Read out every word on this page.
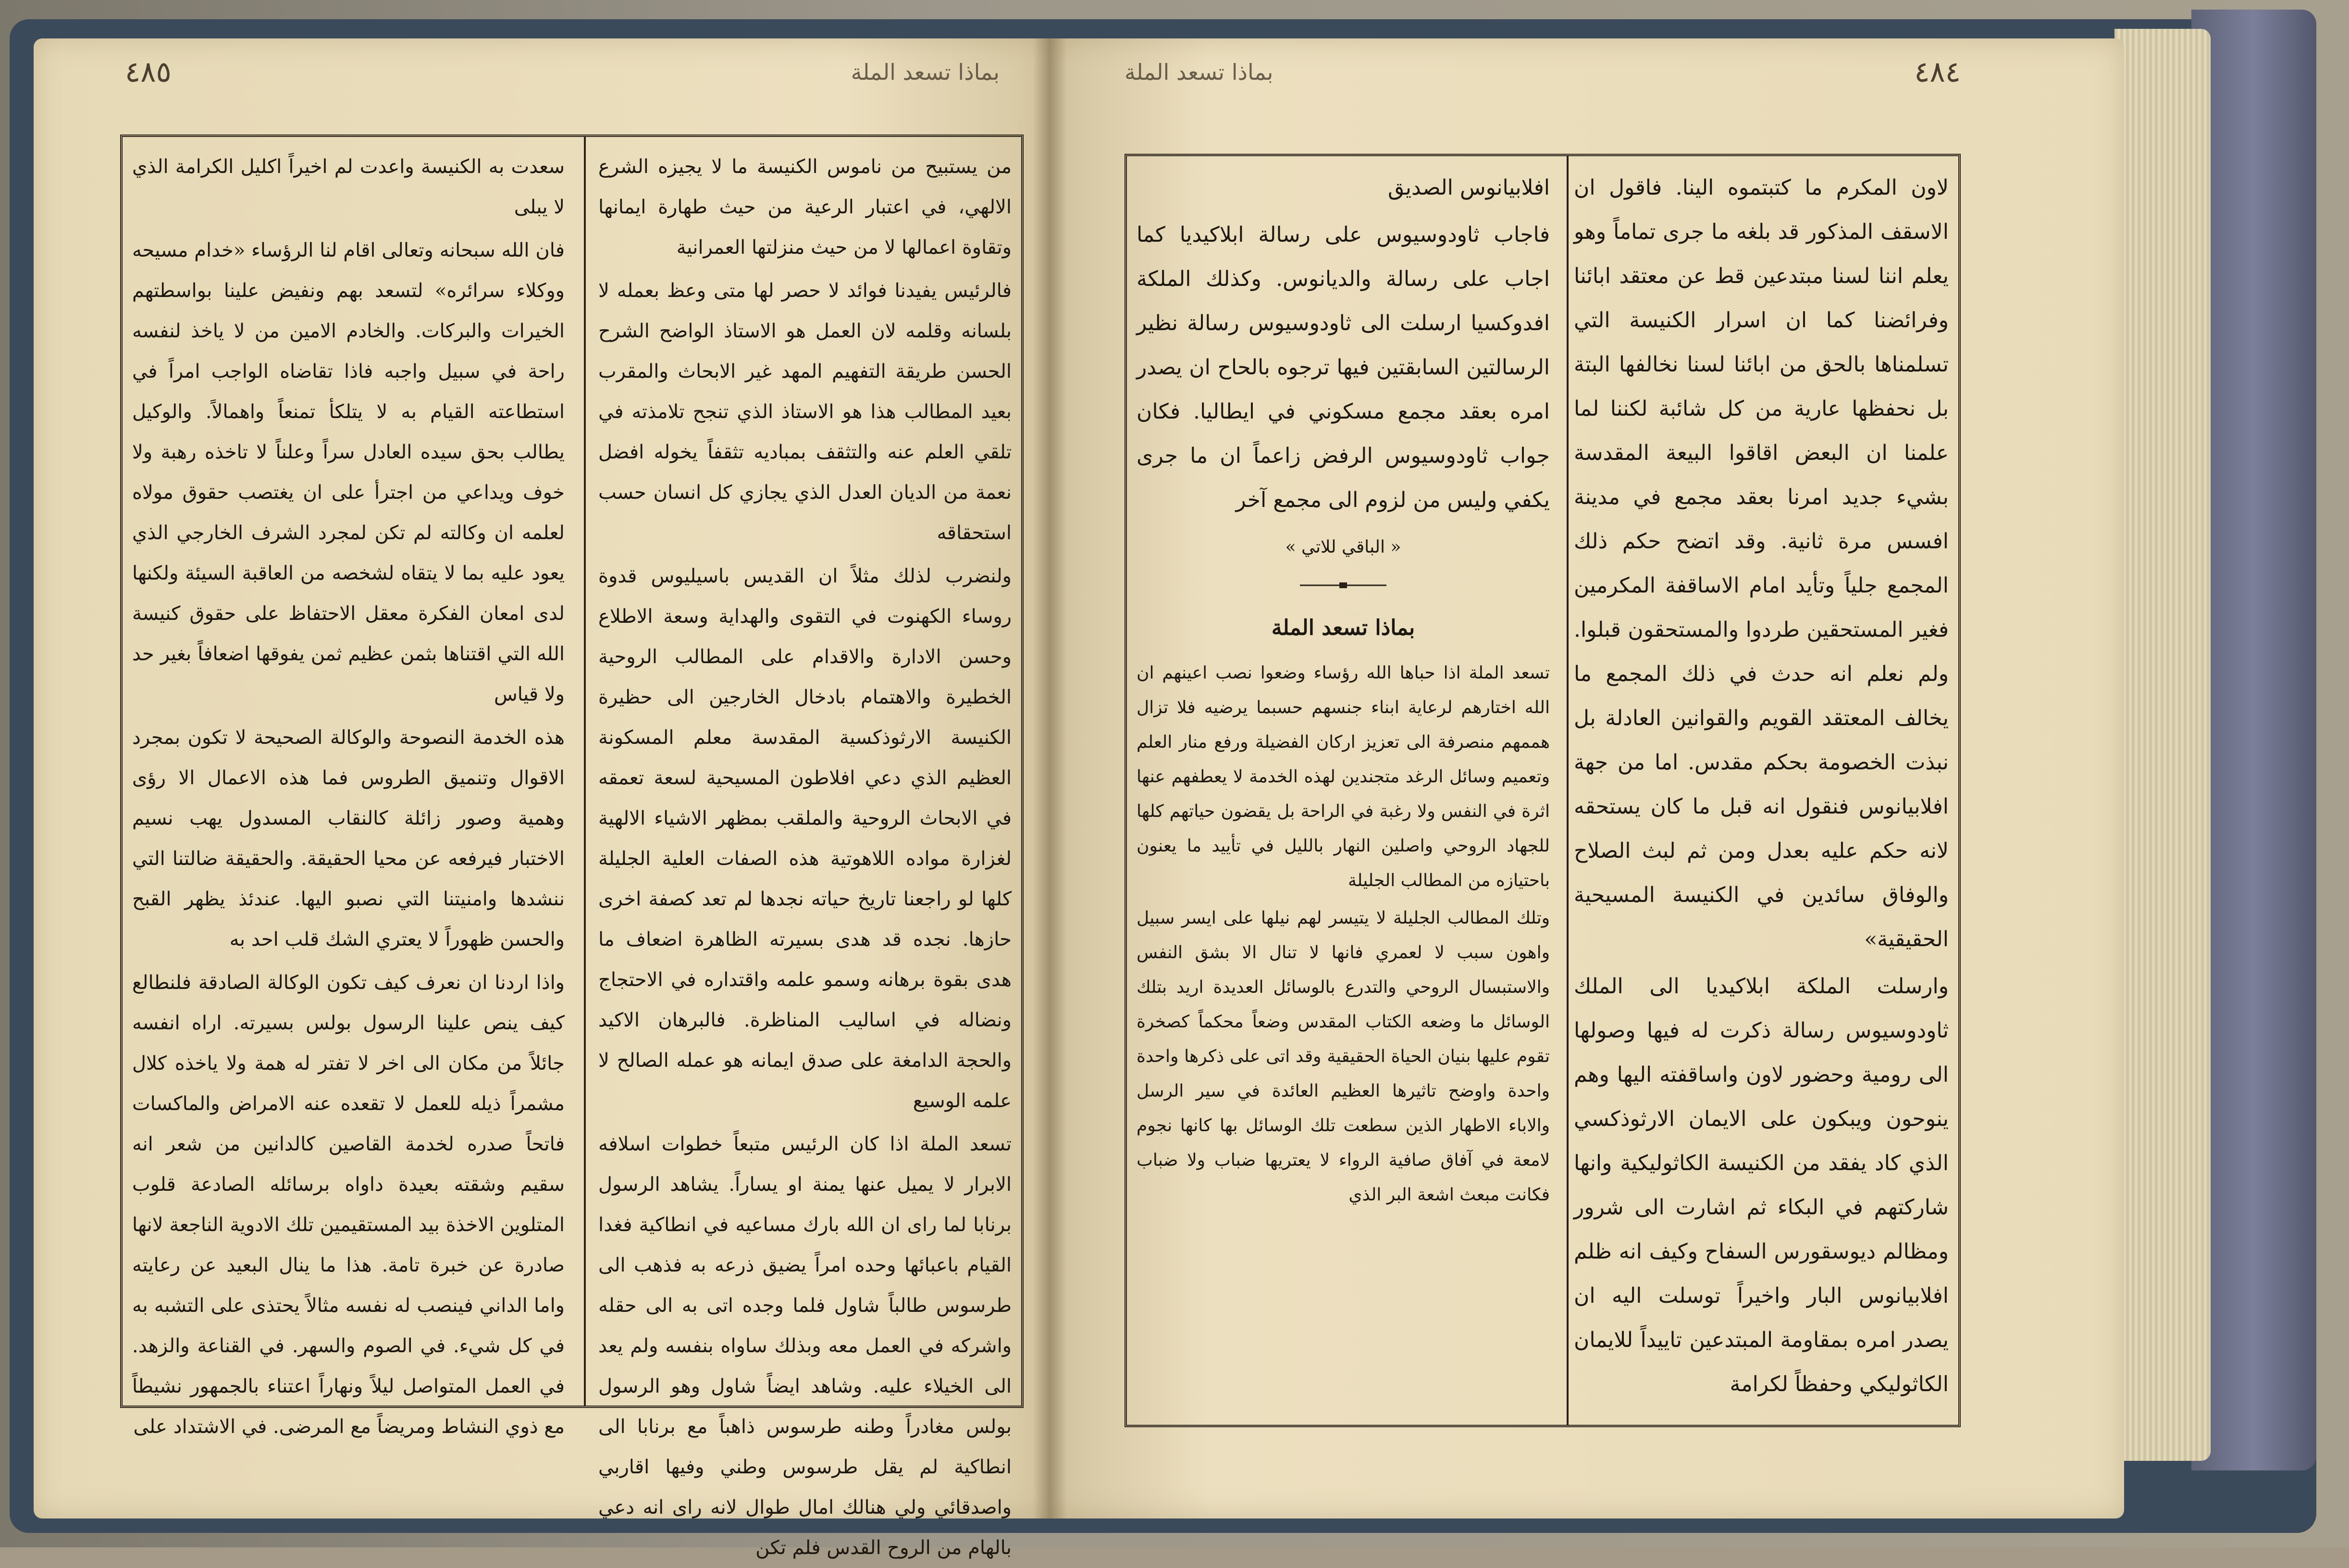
بماذا تسعد الملة
٤٨٥	٤٨٤
بماذا تسعد الملة

من يستبيح من ناموس الكنيسة ما لا يجيزه الشرع الالهي، في اعتبار الرعية من حيث طهارة ايمانها وتقاوة اعمالها لا من حيث منزلتها العمرانية

فالرئيس يفيدنا فوائد لا حصر لها متى وعظ بعمله لا بلسانه وقلمه لان العمل هو الاستاذ الواضح الشرح الحسن طريقة التفهيم المهد غير الابحاث والمقرب بعيد المطالب هذا هو الاستاذ الذي تنجح تلامذته في تلقي العلم عنه والتثقف بمباديه تثقفاً يخوله افضل نعمة من الديان العدل الذي يجازي كل انسان حسب استحقاقه

ولنضرب لذلك مثلاً ان القديس باسيليوس قدوة روساء الكهنوت في التقوى والهداية وسعة الاطلاع وحسن الادارة والاقدام على المطالب الروحية الخطيرة والاهتمام بادخال الخارجين الى حظيرة الكنيسة الارثوذكسية المقدسة معلم المسكونة العظيم الذي دعي افلاطون المسيحية لسعة تعمقه في الابحاث الروحية والملقب بمظهر الاشياء الالهية لغزارة مواده اللاهوتية هذه الصفات العلية الجليلة كلها لو راجعنا تاريخ حياته نجدها لم تعد كصفة اخرى حازها. نجده قد هدى بسيرته الظاهرة اضعاف ما هدى بقوة برهانه وسمو علمه واقتداره في الاحتجاج ونضاله في اساليب المناظرة. فالبرهان الاكيد والحجة الدامغة على صدق ايمانه هو عمله الصالح لا علمه الوسيع

تسعد الملة اذا كان الرئيس متبعاً خطوات اسلافه الابرار لا يميل عنها يمنة او يساراً. يشاهد الرسول برنابا لما راى ان الله بارك مساعيه في انطاكية فغدا القيام باعبائها وحده امراً يضيق ذرعه به فذهب الى طرسوس طالباً شاول فلما وجده اتى به الى حقله واشركه في العمل معه وبذلك ساواه بنفسه ولم يعد الى الخيلاء عليه. وشاهد ايضاً شاول وهو الرسول بولس مغادراً وطنه طرسوس ذاهباً مع برنابا الى انطاكية لم يقل طرسوس وطني وفيها اقاربي واصدقائي ولي هنالك امال طوال لانه راى انه دعي بالهام من الروح القدس فلم تكن

سعدت به الكنيسة واعدت لم اخيراً اكليل الكرامة الذي لا يبلى

فان الله سبحانه وتعالى اقام لنا الرؤساء «خدام مسيحه ووكلاء سرائره» لتسعد بهم ونفيض علينا بواسطتهم الخيرات والبركات. والخادم الامين من لا ياخذ لنفسه راحة في سبيل واجبه فاذا تقاضاه الواجب امراً في استطاعته القيام به لا يتلكأ تمنعاً واهمالاً. والوكيل يطالب بحق سيده العادل سراً وعلناً لا تاخذه رهبة ولا خوف ويداعي من اجترأ على ان يغتصب حقوق مولاه لعلمه ان وكالته لم تكن لمجرد الشرف الخارجي الذي يعود عليه بما لا يتقاه لشخصه من العاقبة السيئة ولكنها لدى امعان الفكرة معقل الاحتفاظ على حقوق كنيسة الله التي اقتناها بثمن عظيم ثمن يفوقها اضعافاً بغير حد ولا قياس

هذه الخدمة النصوحة والوكالة الصحيحة لا تكون بمجرد الاقوال وتنميق الطروس فما هذه الاعمال الا رؤى وهمية وصور زائلة كالنقاب المسدول يهب نسيم الاختبار فيرفعه عن محيا الحقيقة. والحقيقة ضالتنا التي ننشدها وامنيتنا التي نصبو اليها. عندئذ يظهر القبح والحسن ظهوراً لا يعتري الشك قلب احد به

واذا اردنا ان نعرف كيف تكون الوكالة الصادقة فلنطالع كيف ينص علينا الرسول بولس بسيرته. اراه انفسه جائلاً من مكان الى اخر لا تفتر له همة ولا ياخذه كلال مشمراً ذيله للعمل لا تقعده عنه الامراض والماكسات فاتحاً صدره لخدمة القاصين كالدانين من شعر انه سقيم وشقته بعيدة داواه برسائله الصادعة قلوب المتلوين الاخذة بيد المستقيمين تلك الادوية الناجعة لانها صادرة عن خبرة تامة. هذا ما ينال البعيد عن رعايته واما الداني فينصب له نفسه مثالاً يحتذى على التشبه به في كل شيء. في الصوم والسهر. في القناعة والزهد. في العمل المتواصل ليلاً ونهاراً اعتناء بالجمهور نشيطاً مع ذوي النشاط ومريضاً مع المرضى. في الاشتداد على

لاون المكرم ما كتبتموه الينا. فاقول ان الاسقف المذكور قد بلغه ما جرى تماماً وهو يعلم اننا لسنا مبتدعين قط عن معتقد ابائنا وفرائضنا كما ان اسرار الكنيسة التي تسلمناها بالحق من ابائنا لسنا نخالفها البتة بل نحفظها عارية من كل شائبة لكننا لما علمنا ان البعض اقاقوا البيعة المقدسة بشيء جديد امرنا بعقد مجمع في مدينة افسس مرة ثانية. وقد اتضح حكم ذلك المجمع جلياً وتأيد امام الاساقفة المكرمين فغير المستحقين طردوا والمستحقون قبلوا. ولم نعلم انه حدث في ذلك المجمع ما يخالف المعتقد القويم والقوانين العادلة بل نبذت الخصومة بحكم مقدس. اما من جهة افلابيانوس فنقول انه قبل ما كان يستحقه لانه حكم عليه بعدل ومن ثم لبث الصلاح والوفاق سائدين في الكنيسة المسيحية الحقيقية»

وارسلت الملكة ابلاكيديا الى الملك ثاودوسيوس رسالة ذكرت له فيها وصولها الى رومية وحضور لاون واساقفته اليها وهم ينوحون ويبكون على الايمان الارثوذكسي الذي كاد يفقد من الكنيسة الكاثوليكية وانها شاركتهم في البكاء ثم اشارت الى شرور ومظالم ديوسقورس السفاح وكيف انه ظلم افلابيانوس البار واخيراً توسلت اليه ان يصدر امره بمقاومة المبتدعين تاييداً للايمان الكاثوليكي وحفظاً لكرامة

افلابيانوس الصديق

فاجاب ثاودوسيوس على رسالة ابلاكيديا كما اجاب على رسالة والديانوس. وكذلك الملكة افدوكسيا ارسلت الى ثاودوسيوس رسالة نظير الرسالتين السابقتين فيها ترجوه بالحاح ان يصدر امره بعقد مجمع مسكوني في ايطاليا. فكان جواب ثاودوسيوس الرفض زاعماً ان ما جرى يكفي وليس من لزوم الى مجمع آخر

« الباقي للاتي »
بماذا تسعد الملة

تسعد الملة اذا حباها الله رؤساء وضعوا نصب اعينهم ان الله اختارهم لرعاية ابناء جنسهم حسبما يرضيه فلا تزال هممهم منصرفة الى تعزيز اركان الفضيلة ورفع منار العلم وتعميم وسائل الرغد متجندين لهذه الخدمة لا يعطفهم عنها اثرة في النفس ولا رغبة في الراحة بل يقضون حياتهم كلها للجهاد الروحي واصلين النهار بالليل في تأييد ما يعنون باحتيازه من المطالب الجليلة

وتلك المطالب الجليلة لا يتيسر لهم نيلها على ايسر سبيل واهون سبب لا لعمري فانها لا تنال الا بشق النفس والاستبسال الروحي والتدرع بالوسائل العديدة اريد بتلك الوسائل ما وضعه الكتاب المقدس وضعاً محكماً كصخرة تقوم عليها بنيان الحياة الحقيقية وقد اتى على ذكرها واحدة واحدة واوضح تاثيرها العظيم العائدة في سير الرسل والاباء الاطهار الذين سطعت تلك الوسائل بها كانها نجوم لامعة في آفاق صافية الرواء لا يعتريها ضباب ولا ضباب فكانت مبعث اشعة البر الذي
